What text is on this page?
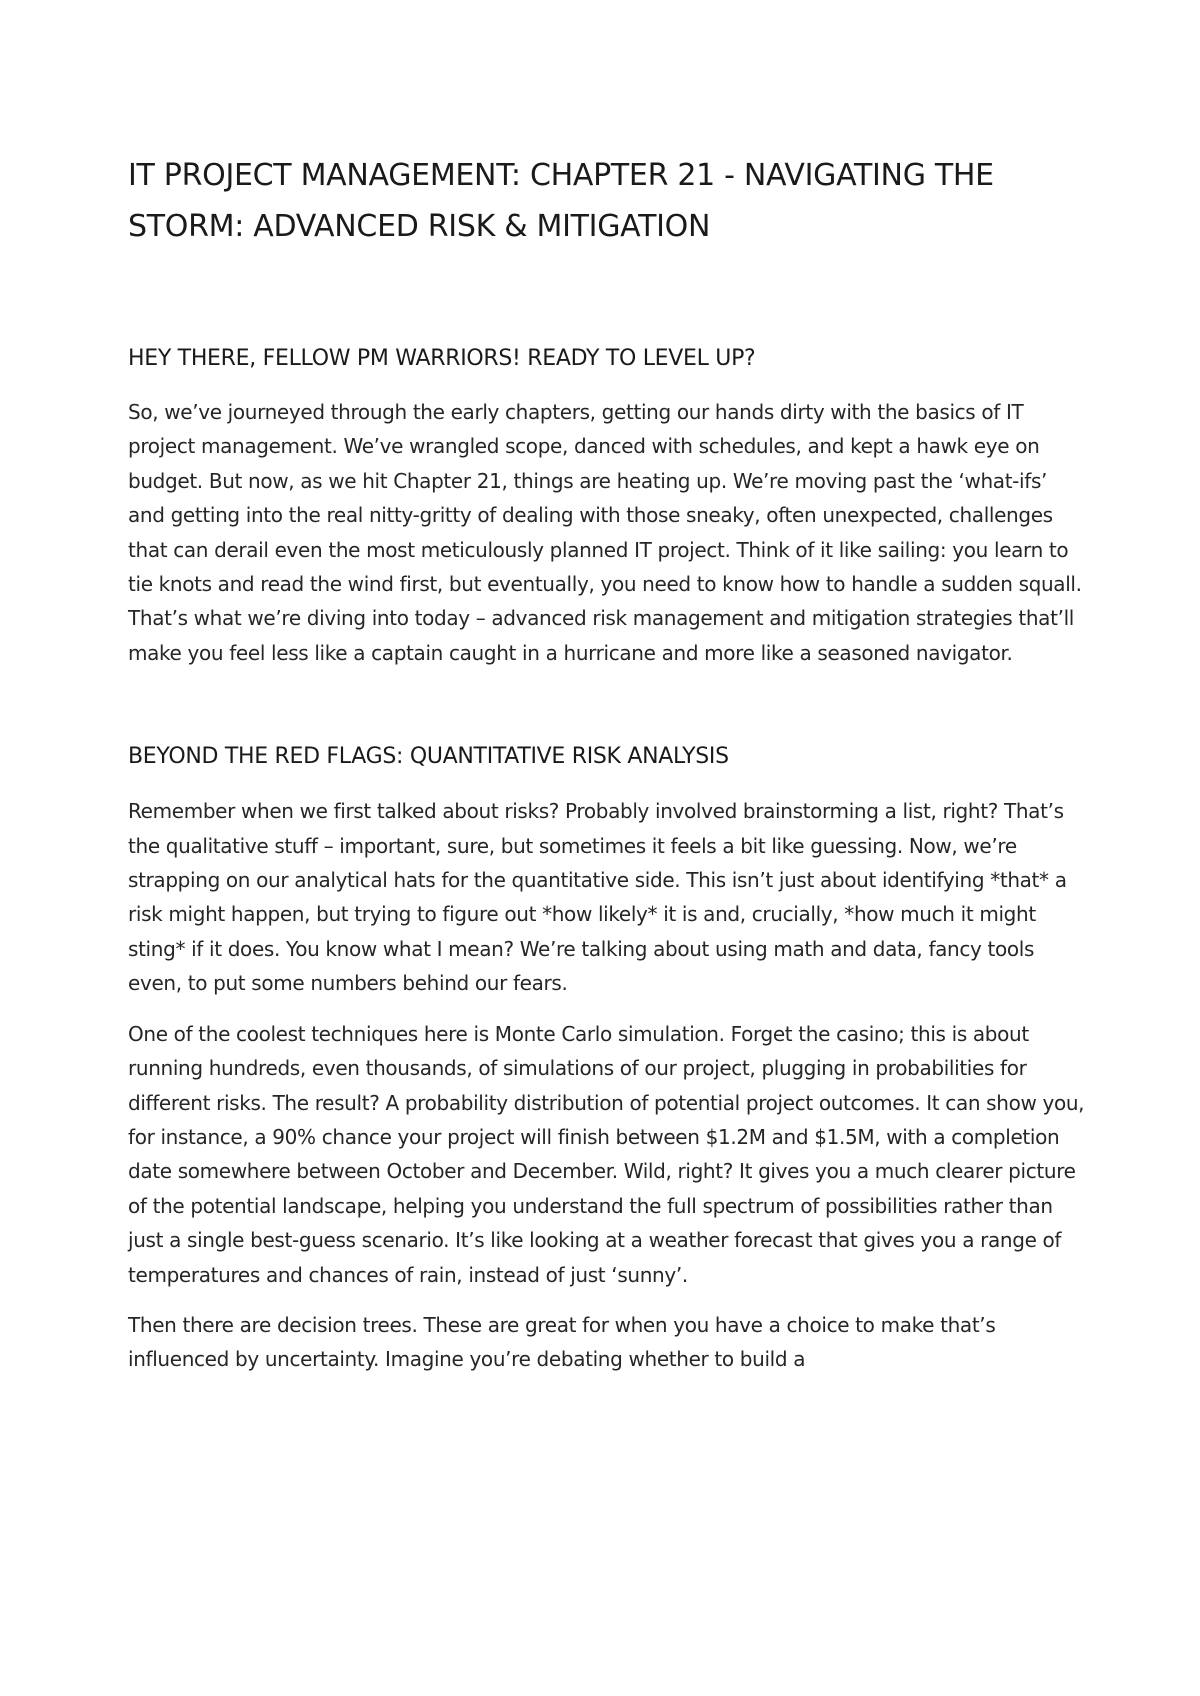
IT PROJECT MANAGEMENT: CHAPTER 21 - NAVIGATING THE STORM: ADVANCED RISK & MITIGATION
HEY THERE, FELLOW PM WARRIORS! READY TO LEVEL UP?

So, we’ve journeyed through the early chapters, getting our hands dirty with the basics of IT project management. We’ve wrangled scope, danced with schedules, and kept a hawk eye on budget. But now, as we hit Chapter 21, things are heating up. We’re moving past the ‘what-ifs’ and getting into the real nitty-gritty of dealing with those sneaky, often unexpected, challenges that can derail even the most meticulously planned IT project. Think of it like sailing: you learn to tie knots and read the wind first, but eventually, you need to know how to handle a sudden squall. That’s what we’re diving into today – advanced risk management and mitigation strategies that’ll make you feel less like a captain caught in a hurricane and more like a seasoned navigator.

BEYOND THE RED FLAGS: QUANTITATIVE RISK ANALYSIS

Remember when we first talked about risks? Probably involved brainstorming a list, right? That’s the qualitative stuff – important, sure, but sometimes it feels a bit like guessing. Now, we’re strapping on our analytical hats for the quantitative side. This isn’t just about identifying *that* a risk might happen, but trying to figure out *how likely* it is and, crucially, *how much it might sting* if it does. You know what I mean? We’re talking about using math and data, fancy tools even, to put some numbers behind our fears.

One of the coolest techniques here is Monte Carlo simulation. Forget the casino; this is about running hundreds, even thousands, of simulations of our project, plugging in probabilities for different risks. The result? A probability distribution of potential project outcomes. It can show you, for instance, a 90% chance your project will finish between $1.2M and $1.5M, with a completion date somewhere between October and December. Wild, right? It gives you a much clearer picture of the potential landscape, helping you understand the full spectrum of possibilities rather than just a single best-guess scenario. It’s like looking at a weather forecast that gives you a range of temperatures and chances of rain, instead of just ‘sunny’.

Then there are decision trees. These are great for when you have a choice to make that’s influenced by uncertainty. Imagine you’re debating whether to build a
